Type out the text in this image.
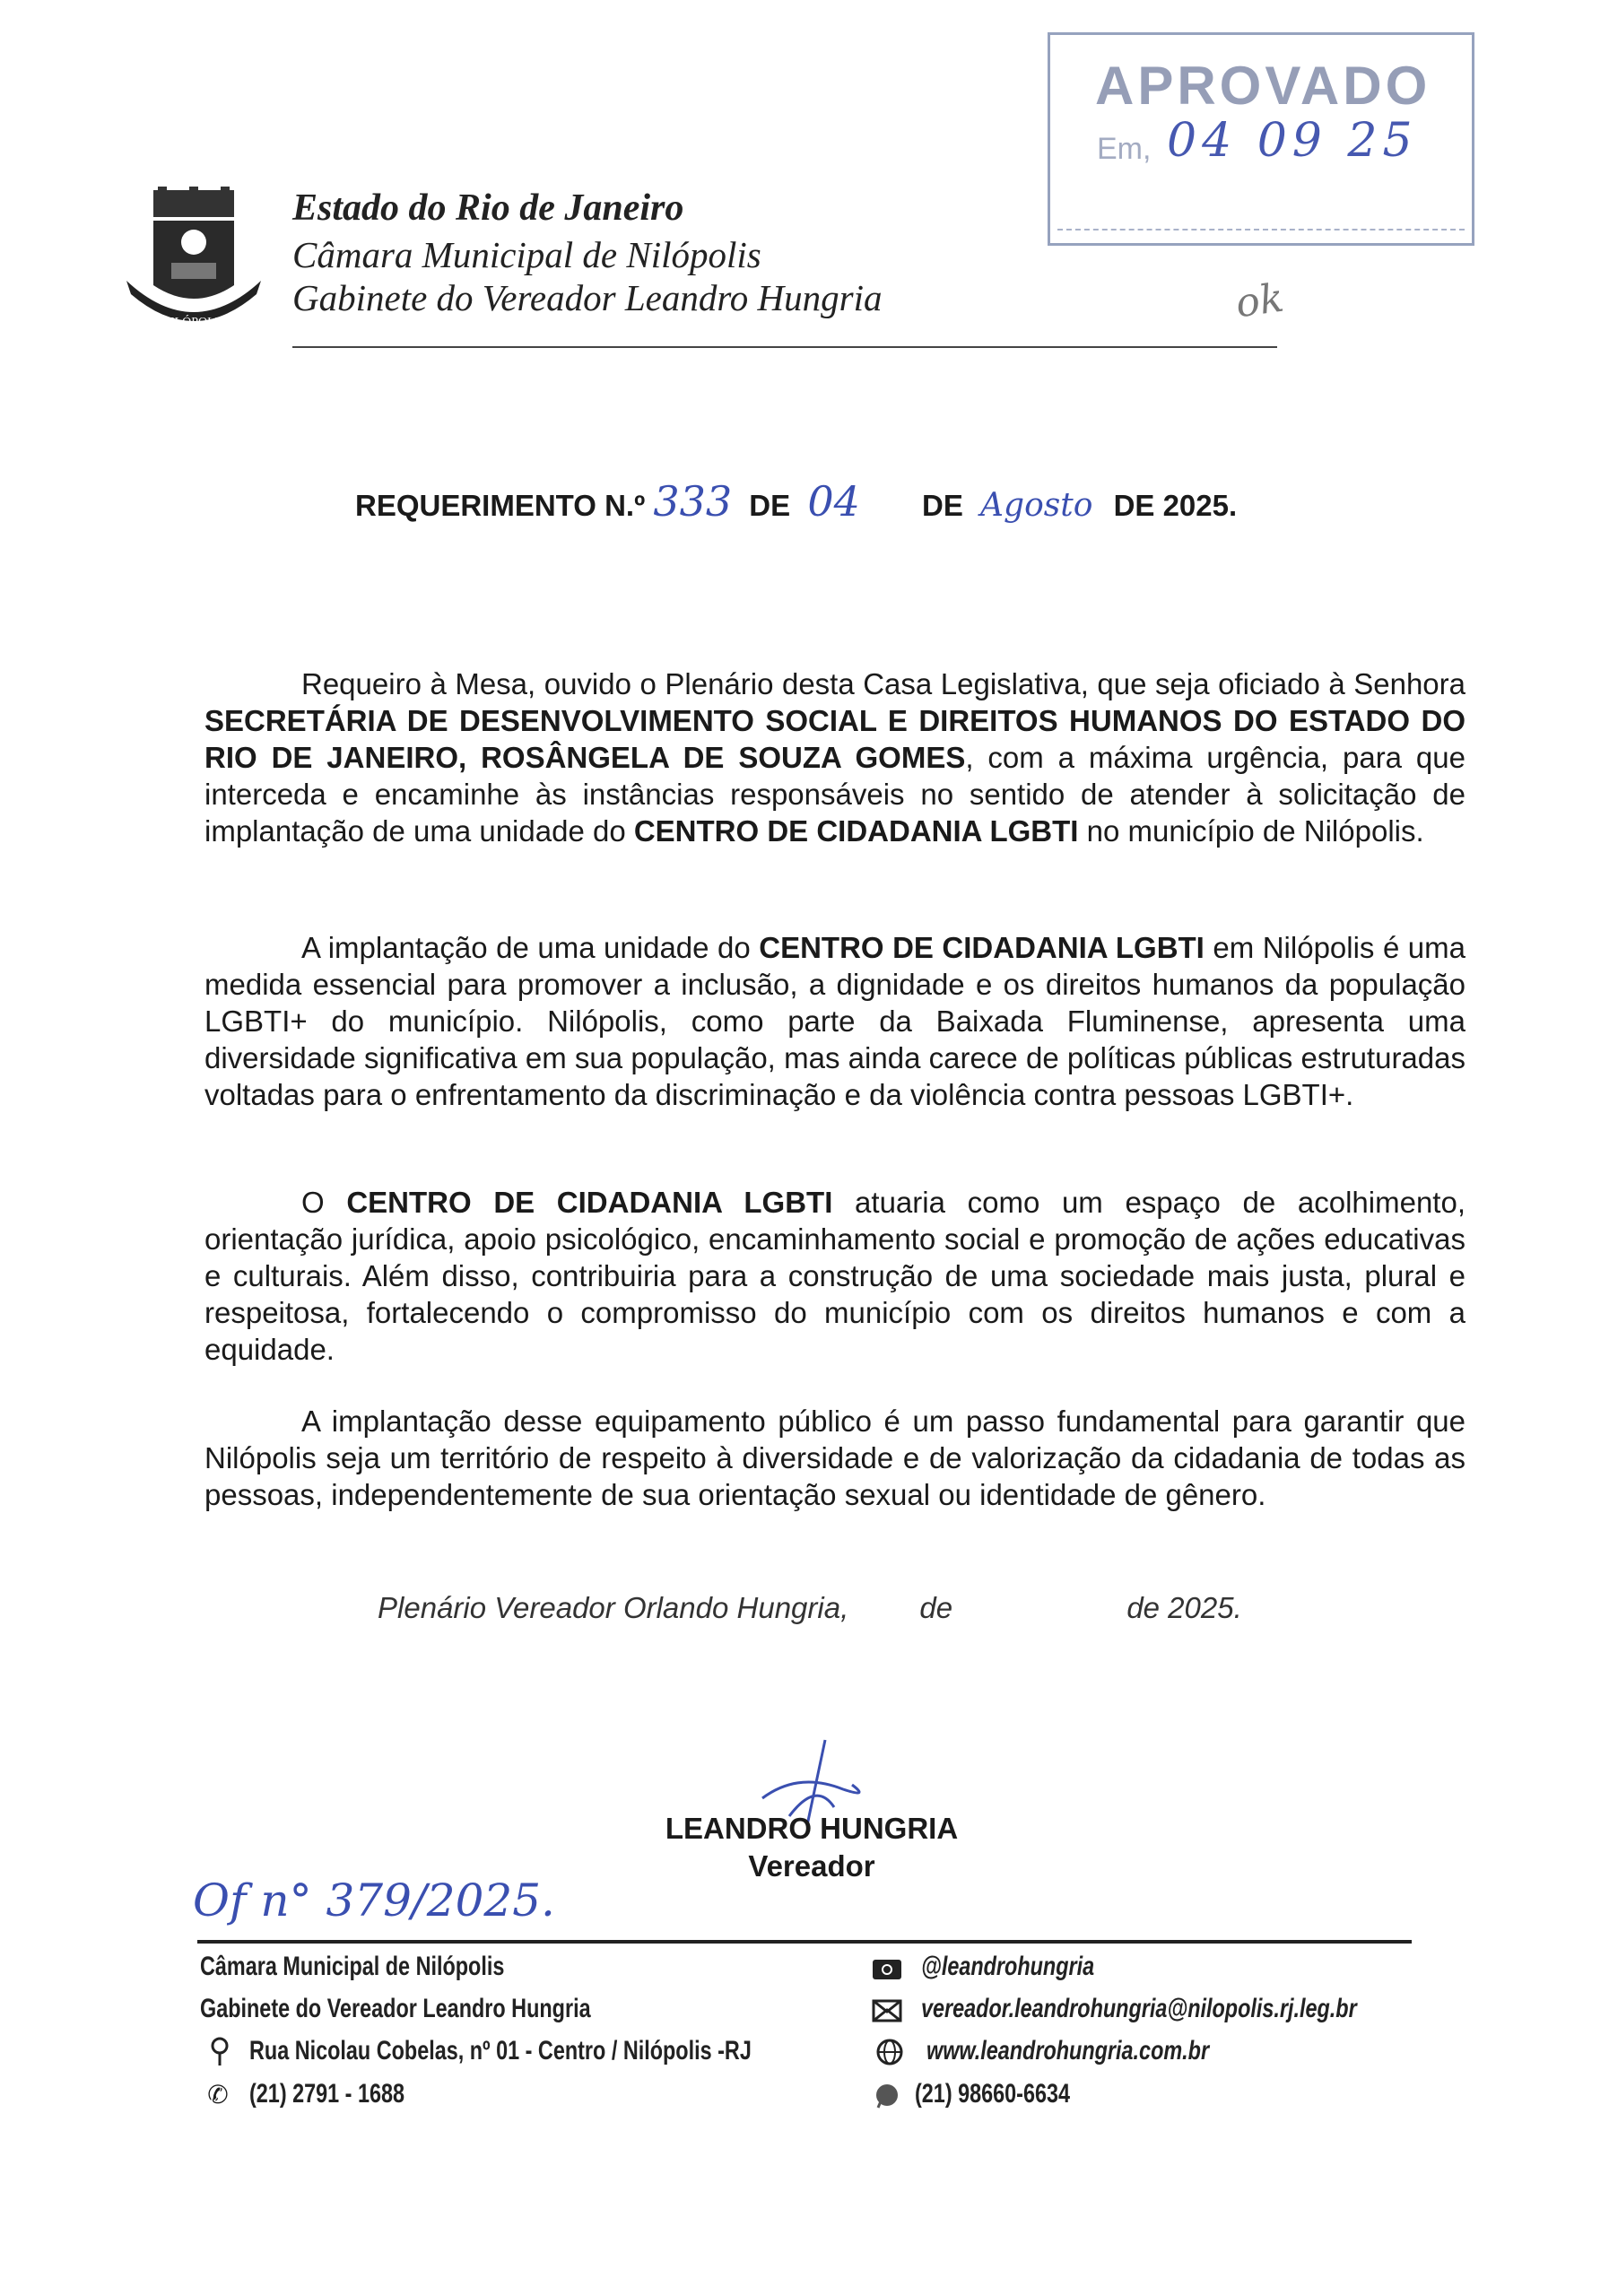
NILÓPOLIS
Estado do Rio de Janeiro
Câmara Municipal de Nilópolis
Gabinete do Vereador Leandro Hungria
APROVADO
Em, 04 09 25
ok
REQUERIMENTO N.º 333 DE 04 DE Agosto DE 2025.

Requeiro à Mesa, ouvido o Plenário desta Casa Legislativa, que seja oficiado à Senhora SECRETÁRIA DE DESENVOLVIMENTO SOCIAL E DIREITOS HUMANOS DO ESTADO DO RIO DE JANEIRO, ROSÂNGELA DE SOUZA GOMES, com a máxima urgência, para que interceda e encaminhe às instâncias responsáveis no sentido de atender à solicitação de implantação de uma unidade do CENTRO DE CIDADANIA LGBTI no município de Nilópolis.

A implantação de uma unidade do CENTRO DE CIDADANIA LGBTI em Nilópolis é uma medida essencial para promover a inclusão, a dignidade e os direitos humanos da população LGBTI+ do município. Nilópolis, como parte da Baixada Fluminense, apresenta uma diversidade significativa em sua população, mas ainda carece de políticas públicas estruturadas voltadas para o enfrentamento da discriminação e da violência contra pessoas LGBTI+.

O CENTRO DE CIDADANIA LGBTI atuaria como um espaço de acolhimento, orientação jurídica, apoio psicológico, encaminhamento social e promoção de ações educativas e culturais. Além disso, contribuiria para a construção de uma sociedade mais justa, plural e respeitosa, fortalecendo o compromisso do município com os direitos humanos e com a equidade.

A implantação desse equipamento público é um passo fundamental para garantir que Nilópolis seja um território de respeito à diversidade e de valorização da cidadania de todas as pessoas, independentemente de sua orientação sexual ou identidade de gênero.

Plenário Vereador Orlando Hungria, de	de 2025.
LEANDRO HUNGRIA
Vereador
Of n° 379/2025.
Câmara Municipal de Nilópolis
Gabinete do Vereador Leandro Hungria
Rua Nicolau Cobelas, nº 01 - Centro / Nilópolis -RJ
✆ (21) 2791 - 1688
@leandrohungria
vereador.leandrohungria@nilopolis.rj.leg.br
www.leandrohungria.com.br
(21) 98660-6634
